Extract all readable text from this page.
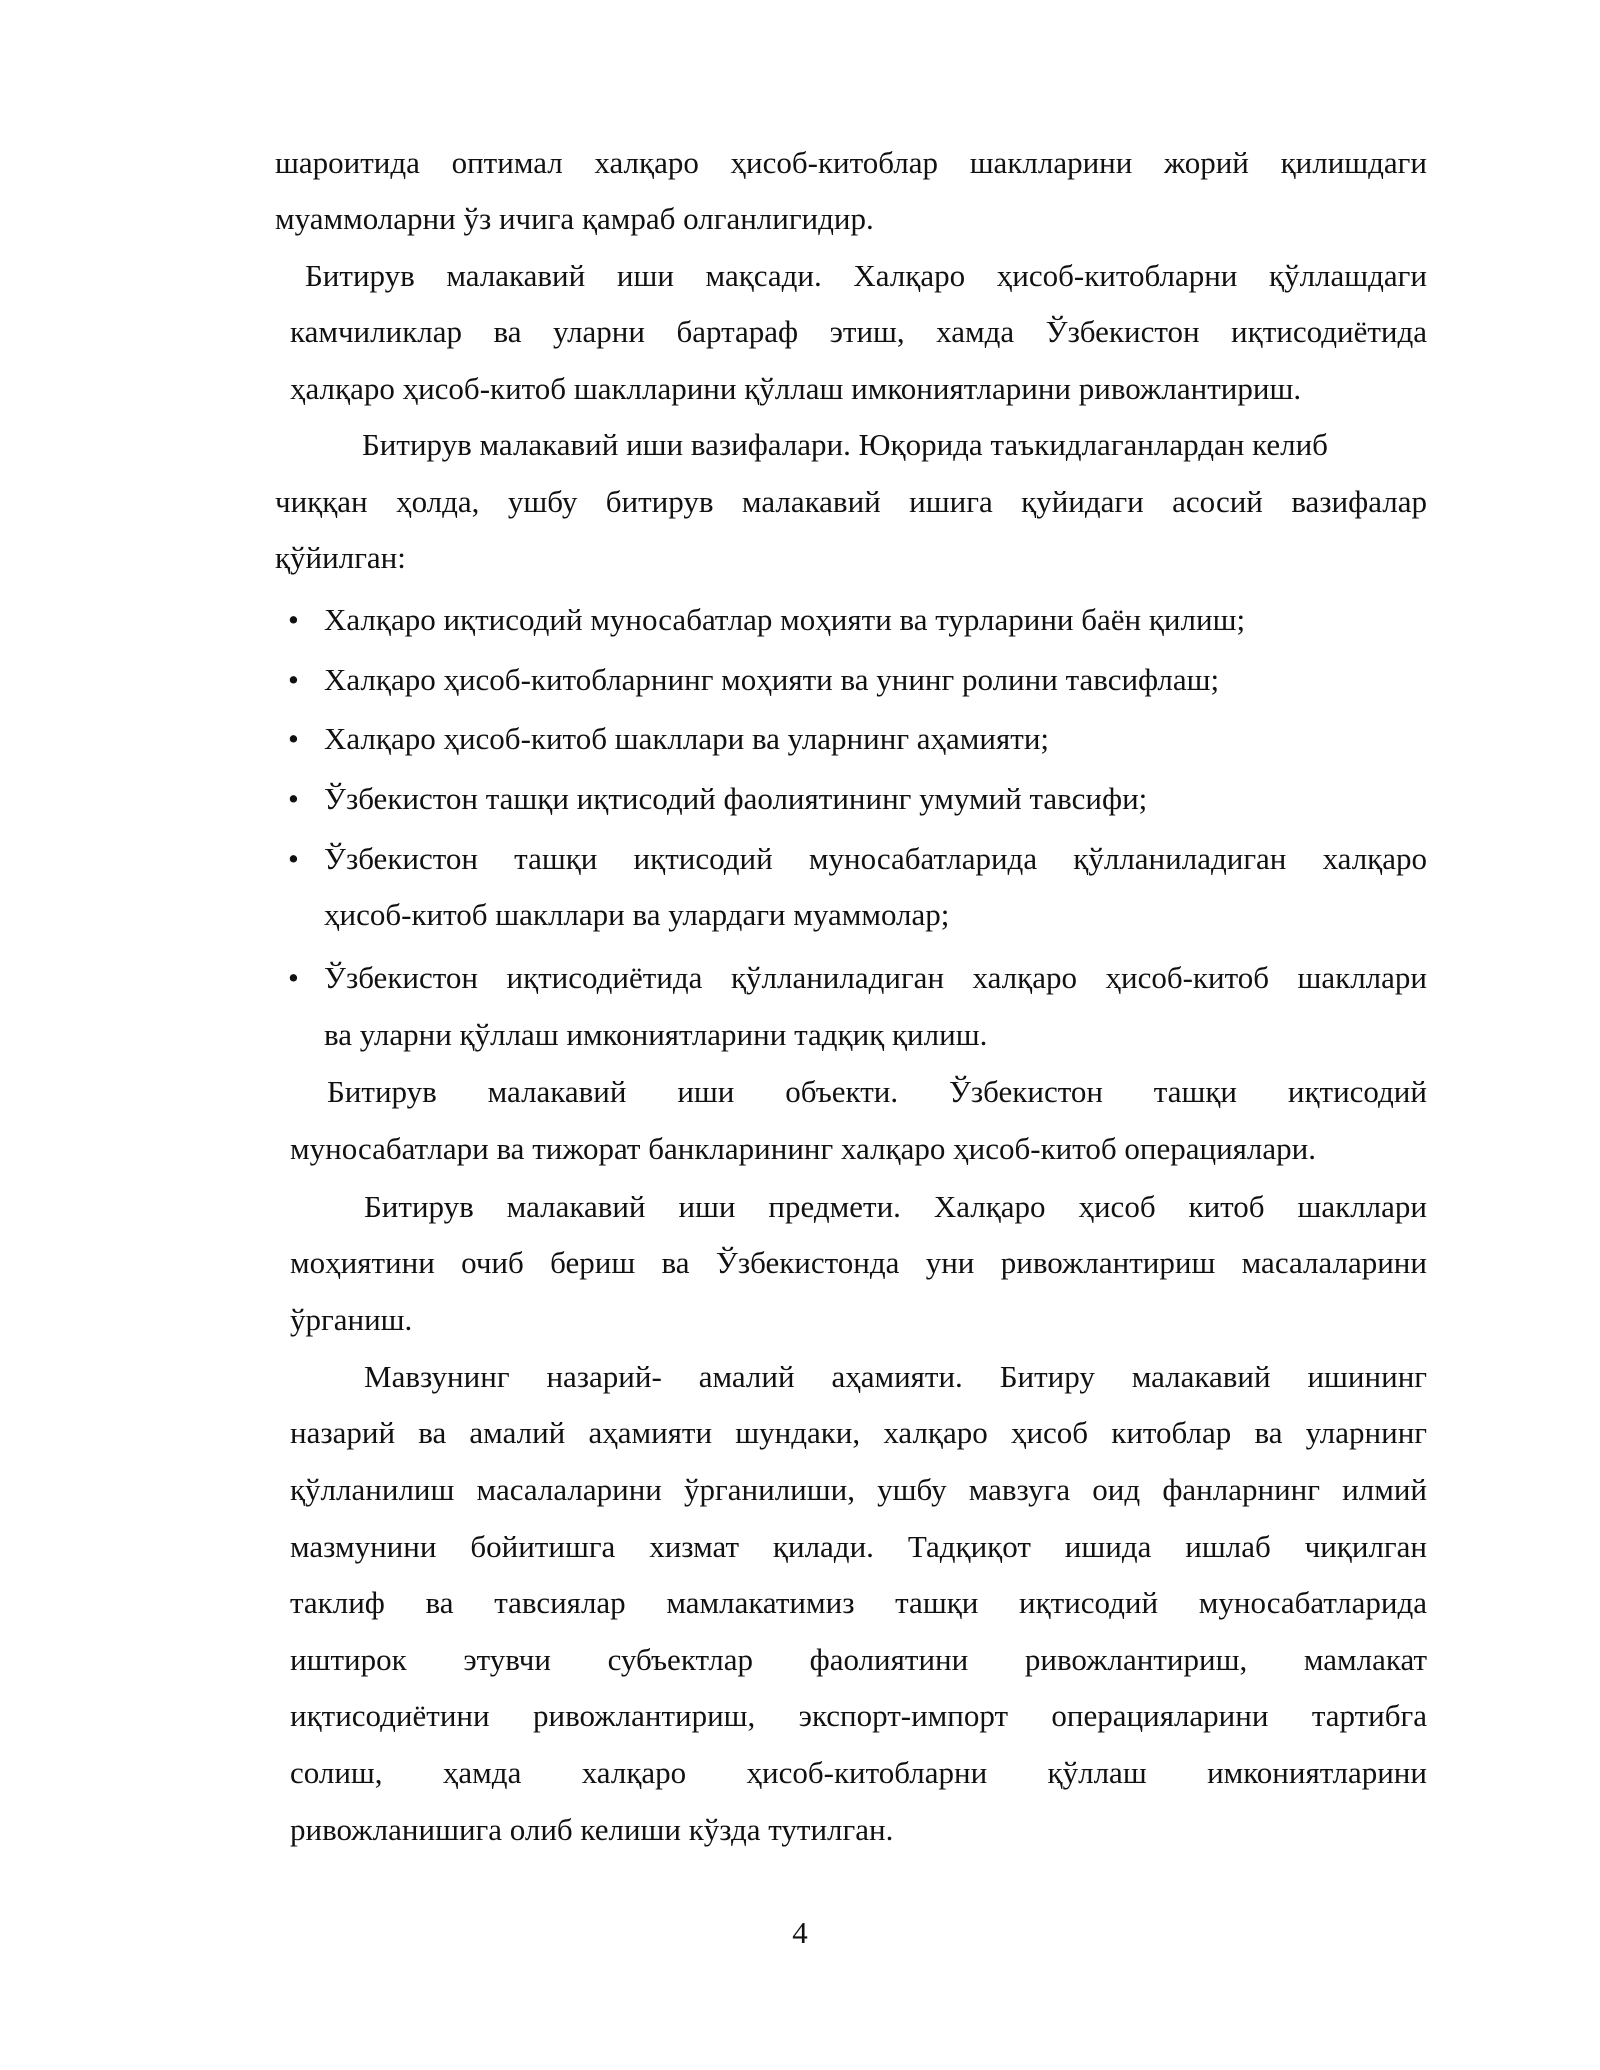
шароитида оптимал халқаро ҳисоб-китоблар шаклларини жорий қилишдаги
муаммоларни ўз ичига қамраб олганлигидир.
Битирув малакавий иши мақсади. Халқаро ҳисоб-китобларни қўллашдаги
камчиликлар ва уларни бартараф этиш, хамда Ўзбекистон иқтисодиётида
ҳалқаро ҳисоб-китоб шаклларини қўллаш имкониятларини ривожлантириш.
Битирув малакавий иши вазифалари. Юқорида таъкидлаганлардан келиб
чиққан ҳолда, ушбу битирув малакавий ишига қуйидаги асосий вазифалар
қўйилган:
• Халқаро иқтисодий муносабатлар моҳияти ва турларини баён қилиш;
• Халқаро ҳисоб-китобларнинг моҳияти ва унинг ролини тавсифлаш;
• Халқаро ҳисоб-китоб шакллари ва уларнинг аҳамияти;
• Ўзбекистон ташқи иқтисодий фаолиятининг умумий тавсифи;
• Ўзбекистон ташқи иқтисодий муносабатларида қўлланиладиган халқаро
ҳисоб-китоб шакллари ва улардаги муаммолар;
• Ўзбекистон иқтисодиётида қўлланиладиган халқаро ҳисоб-китоб шакллари
ва уларни қўллаш имкониятларини тадқиқ қилиш.
Битирув малакавий иши объекти. Ўзбекистон ташқи иқтисодий
муносабатлари ва тижорат банкларининг халқаро ҳисоб-китоб операциялари.
Битирув малакавий иши предмети. Халқаро ҳисоб китоб шакллари
моҳиятини очиб бериш ва Ўзбекистонда уни ривожлантириш масалаларини
ўрганиш.
Мавзунинг назарий- амалий аҳамияти. Битиру малакавий ишининг
назарий ва амалий аҳамияти шундаки, халқаро ҳисоб китоблар ва уларнинг
қўлланилиш масалаларини ўрганилиши, ушбу мавзуга оид фанларнинг илмий
мазмунини бойитишга хизмат қилади. Тадқиқот ишида ишлаб чиқилган
таклиф ва тавсиялар мамлакатимиз ташқи иқтисодий муносабатларида
иштирок этувчи субъектлар фаолиятини ривожлантириш, мамлакат
иқтисодиётини ривожлантириш, экспорт-импорт операцияларини тартибга
солиш, ҳамда халқаро ҳисоб-китобларни қўллаш имкониятларини
ривожланишига олиб келиши кўзда тутилган.
4
